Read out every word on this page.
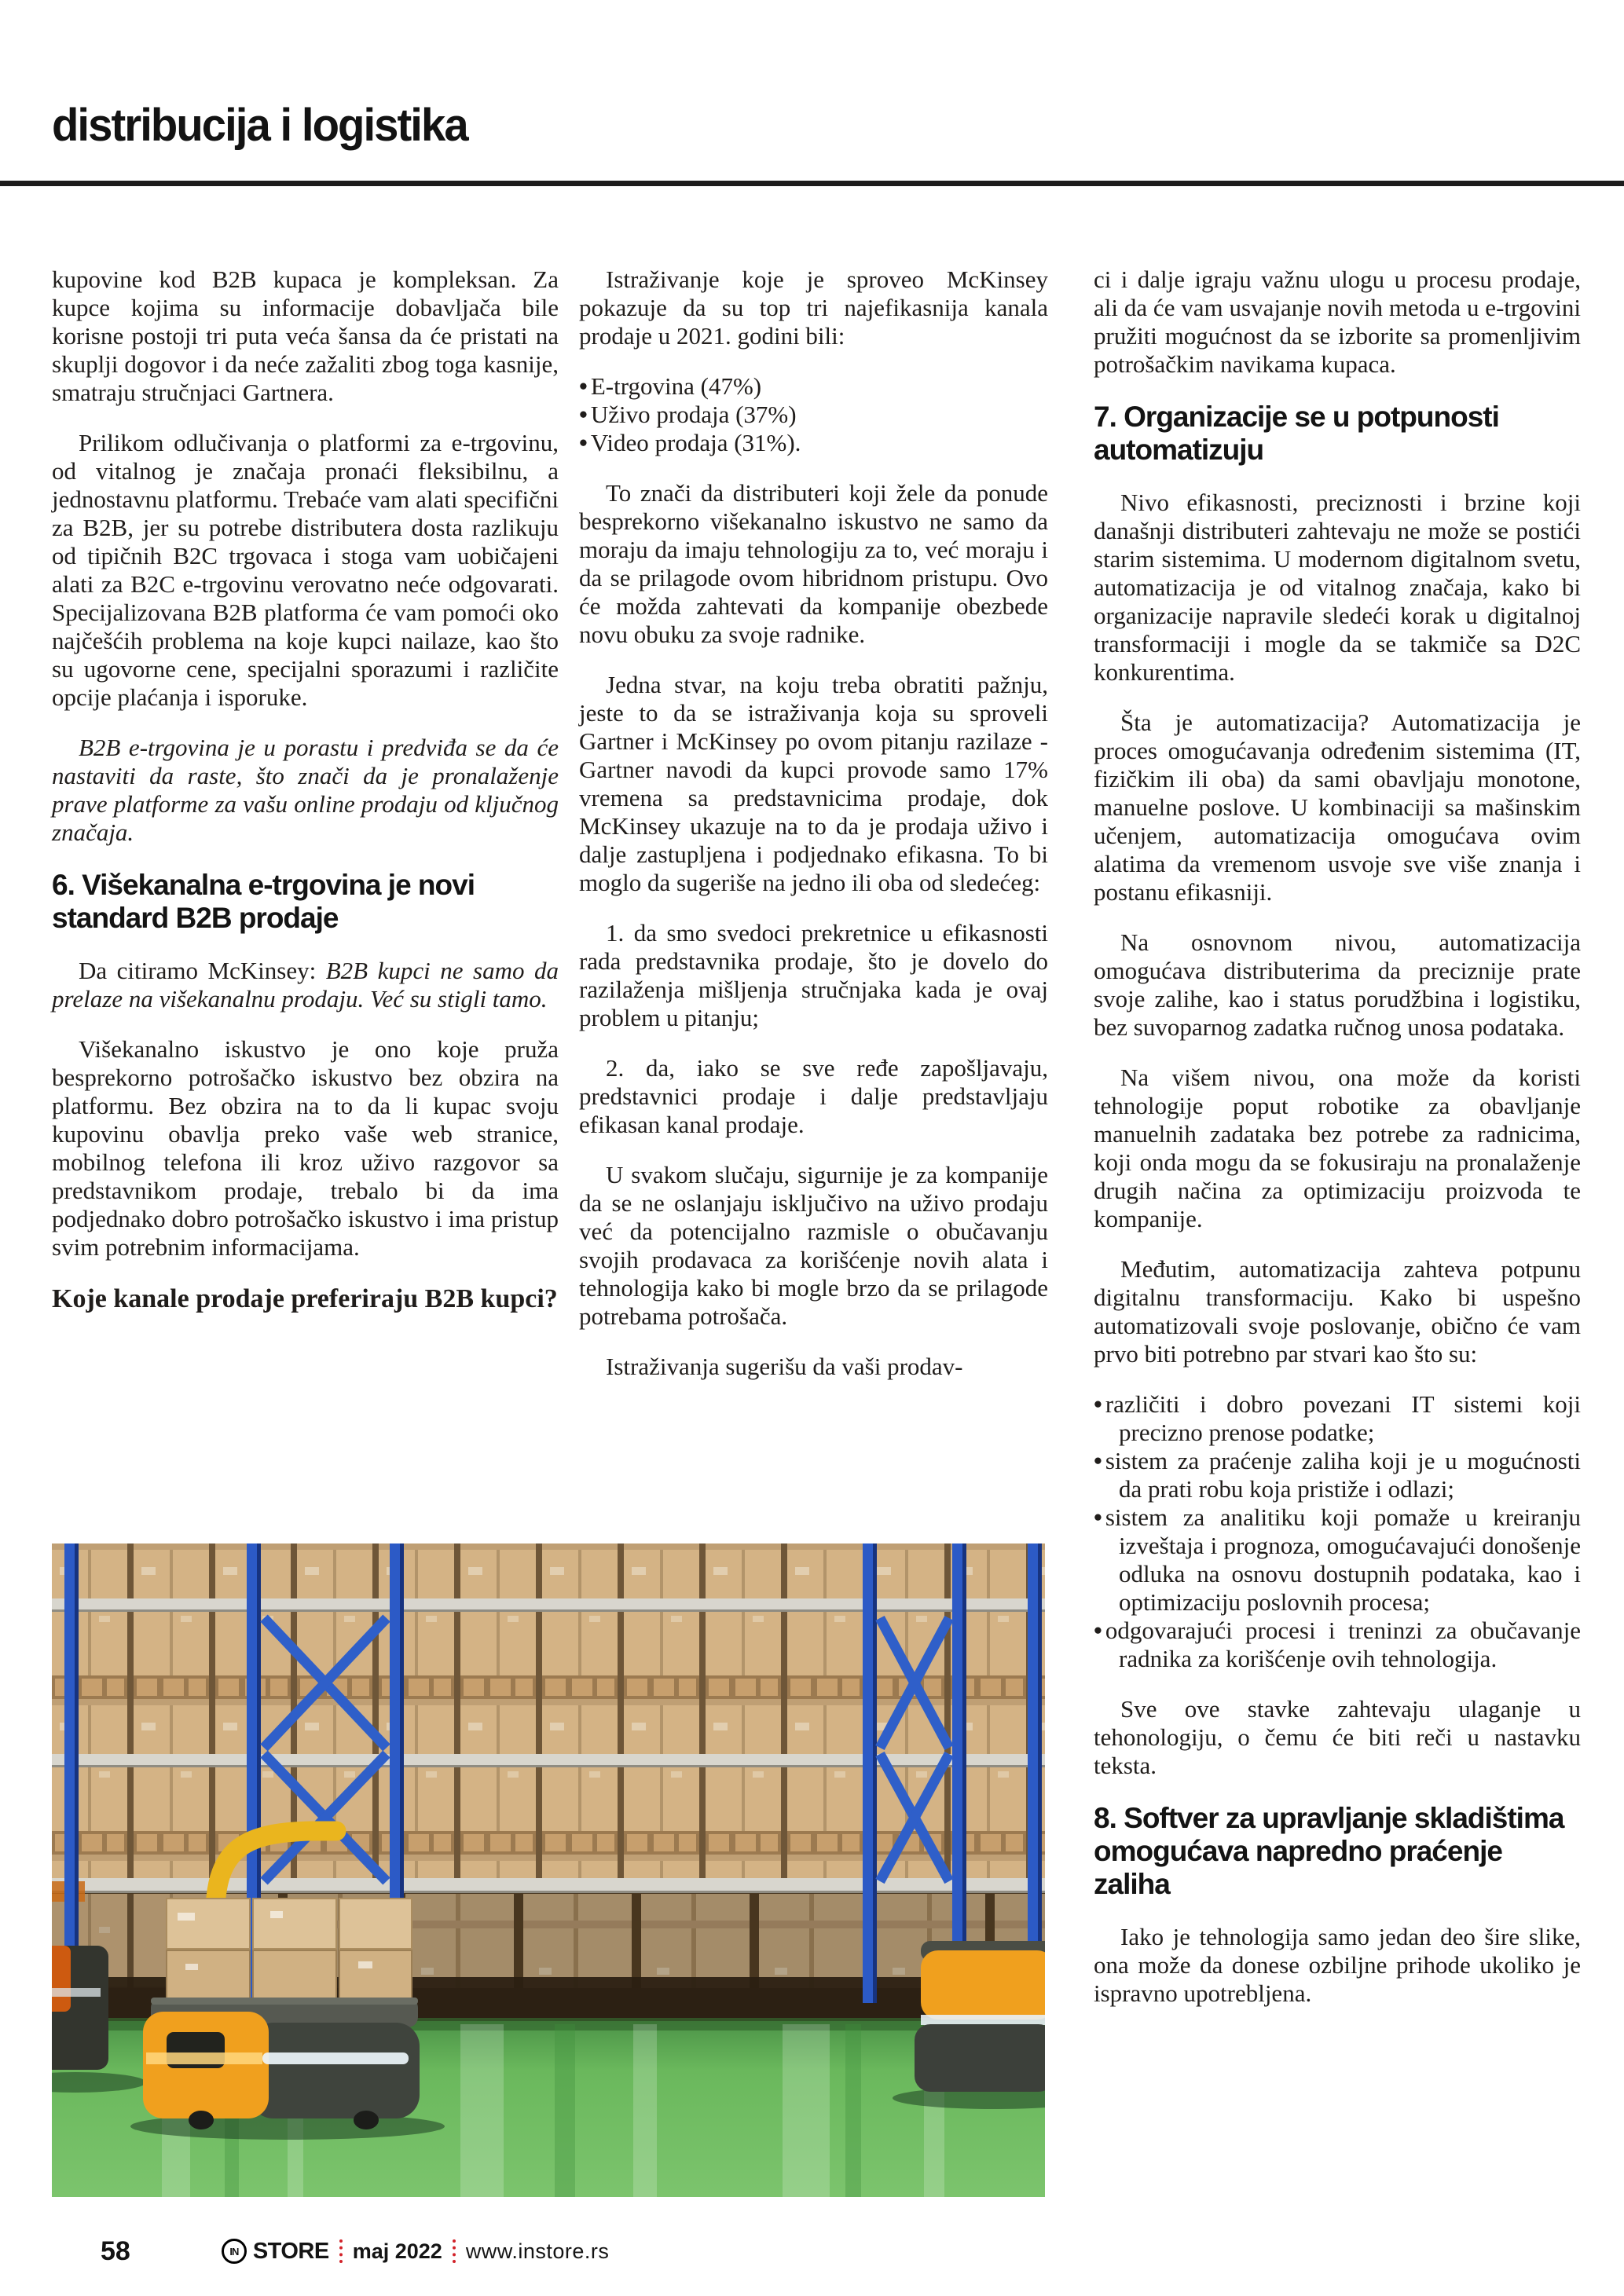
distribucija i logistika

kupovine kod B2B kupaca je kompleksan. Za kupce kojima su informacije dobavljača bile korisne postoji tri puta veća šansa da će pristati na skuplji dogovor i da neće zažaliti zbog toga kasnije, smatraju stručnjaci Gartnera.

Prilikom odlučivanja o platformi za e-trgovinu, od vitalnog je značaja pronaći fleksibilnu, a jednostavnu platformu. Trebaće vam alati specifični za B2B, jer su potrebe distributera dosta razlikuju od tipičnih B2C trgovaca i stoga vam uobičajeni alati za B2C e-trgovinu verovatno neće odgovarati. Specijalizovana B2B platforma će vam pomoći oko najčešćih problema na koje kupci nailaze, kao što su ugovorne cene, specijalni sporazumi i različite opcije plaćanja i isporuke.

B2B e-trgovina je u porastu i predviđa se da će nastaviti da raste, što znači da je pronalaženje prave platforme za vašu online prodaju od ključnog značaja.

6. Višekanalna e-trgovina je novi standard B2B prodaje

Da citiramo McKinsey: B2B kupci ne samo da prelaze na višekanalnu prodaju. Već su stigli tamo.

Višekanalno iskustvo je ono koje pruža besprekorno potrošačko iskustvo bez obzira na platformu. Bez obzira na to da li kupac svoju kupovinu obavlja preko vaše web stranice, mobilnog telefona ili kroz uživo razgovor sa predstavnikom prodaje, trebalo bi da ima podjednako dobro potrošačko iskustvo i ima pristup svim potrebnim informacijama.

Koje kanale prodaje preferiraju B2B kupci?

Istraživanje koje je sproveo McKinsey pokazuje da su top tri najefikasnija kanala prodaje u 2021. godini bili:

• E-trgovina (47%)
• Uživo prodaja (37%)
• Video prodaja (31%).

To znači da distributeri koji žele da ponude besprekorno višekanalno iskustvo ne samo da moraju da imaju tehnologiju za to, već moraju i da se prilagode ovom hibridnom pristupu. Ovo će možda zahtevati da kompanije obezbede novu obuku za svoje radnike.

Jedna stvar, na koju treba obratiti pažnju, jeste to da se istraživanja koja su sproveli Gartner i McKinsey po ovom pitanju razilaze - Gartner navodi da kupci provode samo 17% vremena sa predstavnicima prodaje, dok McKinsey ukazuje na to da je prodaja uživo i dalje zastupljena i podjednako efikasna. To bi moglo da sugeriše na jedno ili oba od sledećeg:

1. da smo svedoci prekretnice u efikasnosti rada predstavnika prodaje, što je dovelo do razilaženja mišljenja stručnjaka kada je ovaj problem u pitanju;

2. da, iako se sve ređe zapošljavaju, predstavnici prodaje i dalje predstavljaju efikasan kanal prodaje.

U svakom slučaju, sigurnije je za kompanije da se ne oslanjaju isključivo na uživo prodaju već da potencijalno razmisle o obučavanju svojih prodavaca za korišćenje novih alata i tehnologija kako bi mogle brzo da se prilagode potrebama potrošača.

Istraživanja sugerišu da vaši prodav-

ci i dalje igraju važnu ulogu u procesu prodaje, ali da će vam usvajanje novih metoda u e-trgovini pružiti mogućnost da se izborite sa promenljivim potrošačkim navikama kupaca.

7. Organizacije se u potpunosti automatizuju

Nivo efikasnosti, preciznosti i brzine koji današnji distributeri zahtevaju ne može se postići starim sistemima. U modernom digitalnom svetu, automatizacija je od vitalnog značaja, kako bi organizacije napravile sledeći korak u digitalnoj transformaciji i mogle da se takmiče sa D2C konkurentima.

Šta je automatizacija? Automatizacija je proces omogućavanja određenim sistemima (IT, fizičkim ili oba) da sami obavljaju monotone, manuelne poslove. U kombinaciji sa mašinskim učenjem, automatizacija omogućava ovim alatima da vremenom usvoje sve više znanja i postanu efikasniji.

Na osnovnom nivou, automatizacija omogućava distributerima da preciznije prate svoje zalihe, kao i status porudžbina i logistiku, bez suvoparnog zadatka ručnog unosa podataka.

Na višem nivou, ona može da koristi tehnologije poput robotike za obavljanje manuelnih zadataka bez potrebe za radnicima, koji onda mogu da se fokusiraju na pronalaženje drugih načina za optimizaciju proizvoda te kompanije.

Međutim, automatizacija zahteva potpunu digitalnu transformaciju. Kako bi uspešno automatizovali svoje poslovanje, obično će vam prvo biti potrebno par stvari kao što su:

• različiti i dobro povezani IT sistemi koji precizno prenose podatke;
• sistem za praćenje zaliha koji je u mogućnosti da prati robu koja pristiže i odlazi;
• sistem za analitiku koji pomaže u kreiranju izveštaja i prognoza, omogućavajući donošenje odluka na osnovu dostupnih podataka, kao i optimizaciju poslovnih procesa;
• odgovarajući procesi i treninzi za obučavanje radnika za korišćenje ovih tehnologija.

Sve ove stavke zahtevaju ulaganje u tehonologiju, o čemu će biti reči u nastavku teksta.

8. Softver za upravljanje skladištima omogućava napredno praćenje zaliha

Iako je tehnologija samo jedan deo šire slike, ona može da donese ozbiljne prihode ukoliko je ispravno upotrebljena.

58	IN STORE maj 2022 www.instore.rs
